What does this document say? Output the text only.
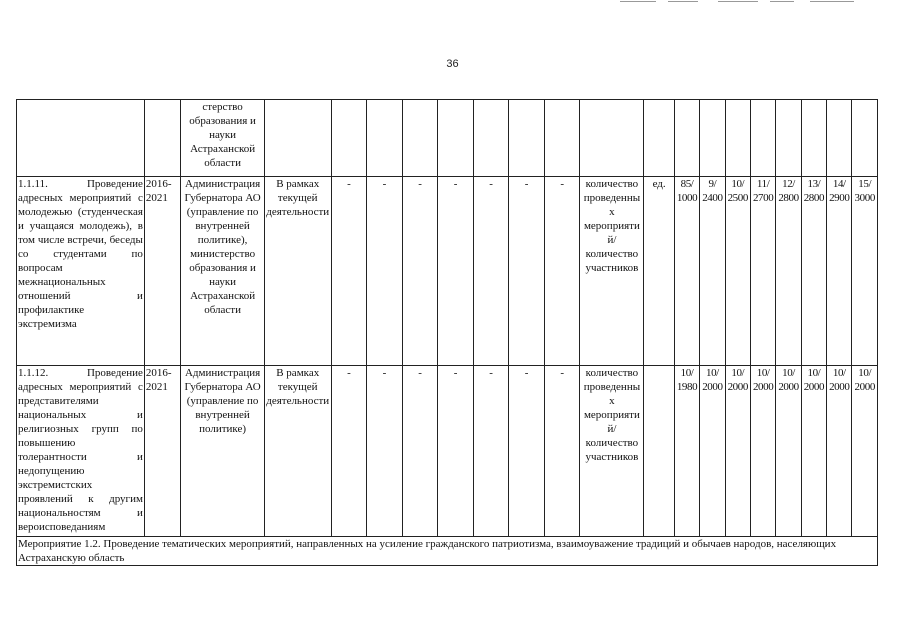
36
		стерство образования и науки Астраханской области																		
1.1.11. Проведение адресных мероприятий с молодежью (студенческая и учащаяся молодежь), в том числе встречи, беседы со студентами по вопросам межнациональных отношений и профилактике экстремизма	2016-2021	Администрация Губернатора АО (управление по внутренней политике), министерство образования и науки Астраханской области	В рамках текущей деятельности	-	-	-	-	-	-	-	количество проведенных мероприятий/ количество участников	ед.	85/ 1000	9/ 2400	10/ 2500	11/ 2700	12/ 2800	13/ 2800	14/ 2900	15/ 3000
1.1.12. Проведение адресных мероприятий с представителями национальных и религиозных групп по повышению толерантности и недопущению экстремистских проявлений к другим национальностям и вероисповеданиям	2016-2021	Администрация Губернатора АО (управление по внутренней политике)	В рамках текущей деятельности	-	-	-	-	-	-	-	количество проведенных мероприятий/ количество участников		10/ 1980	10/ 2000	10/ 2000	10/ 2000	10/ 2000	10/ 2000	10/ 2000	10/ 2000
Мероприятие 1.2. Проведение тематических мероприятий, направленных на усиление гражданского патриотизма, взаимоуважение традиций и обычаев народов, населяющих Астраханскую область																				
